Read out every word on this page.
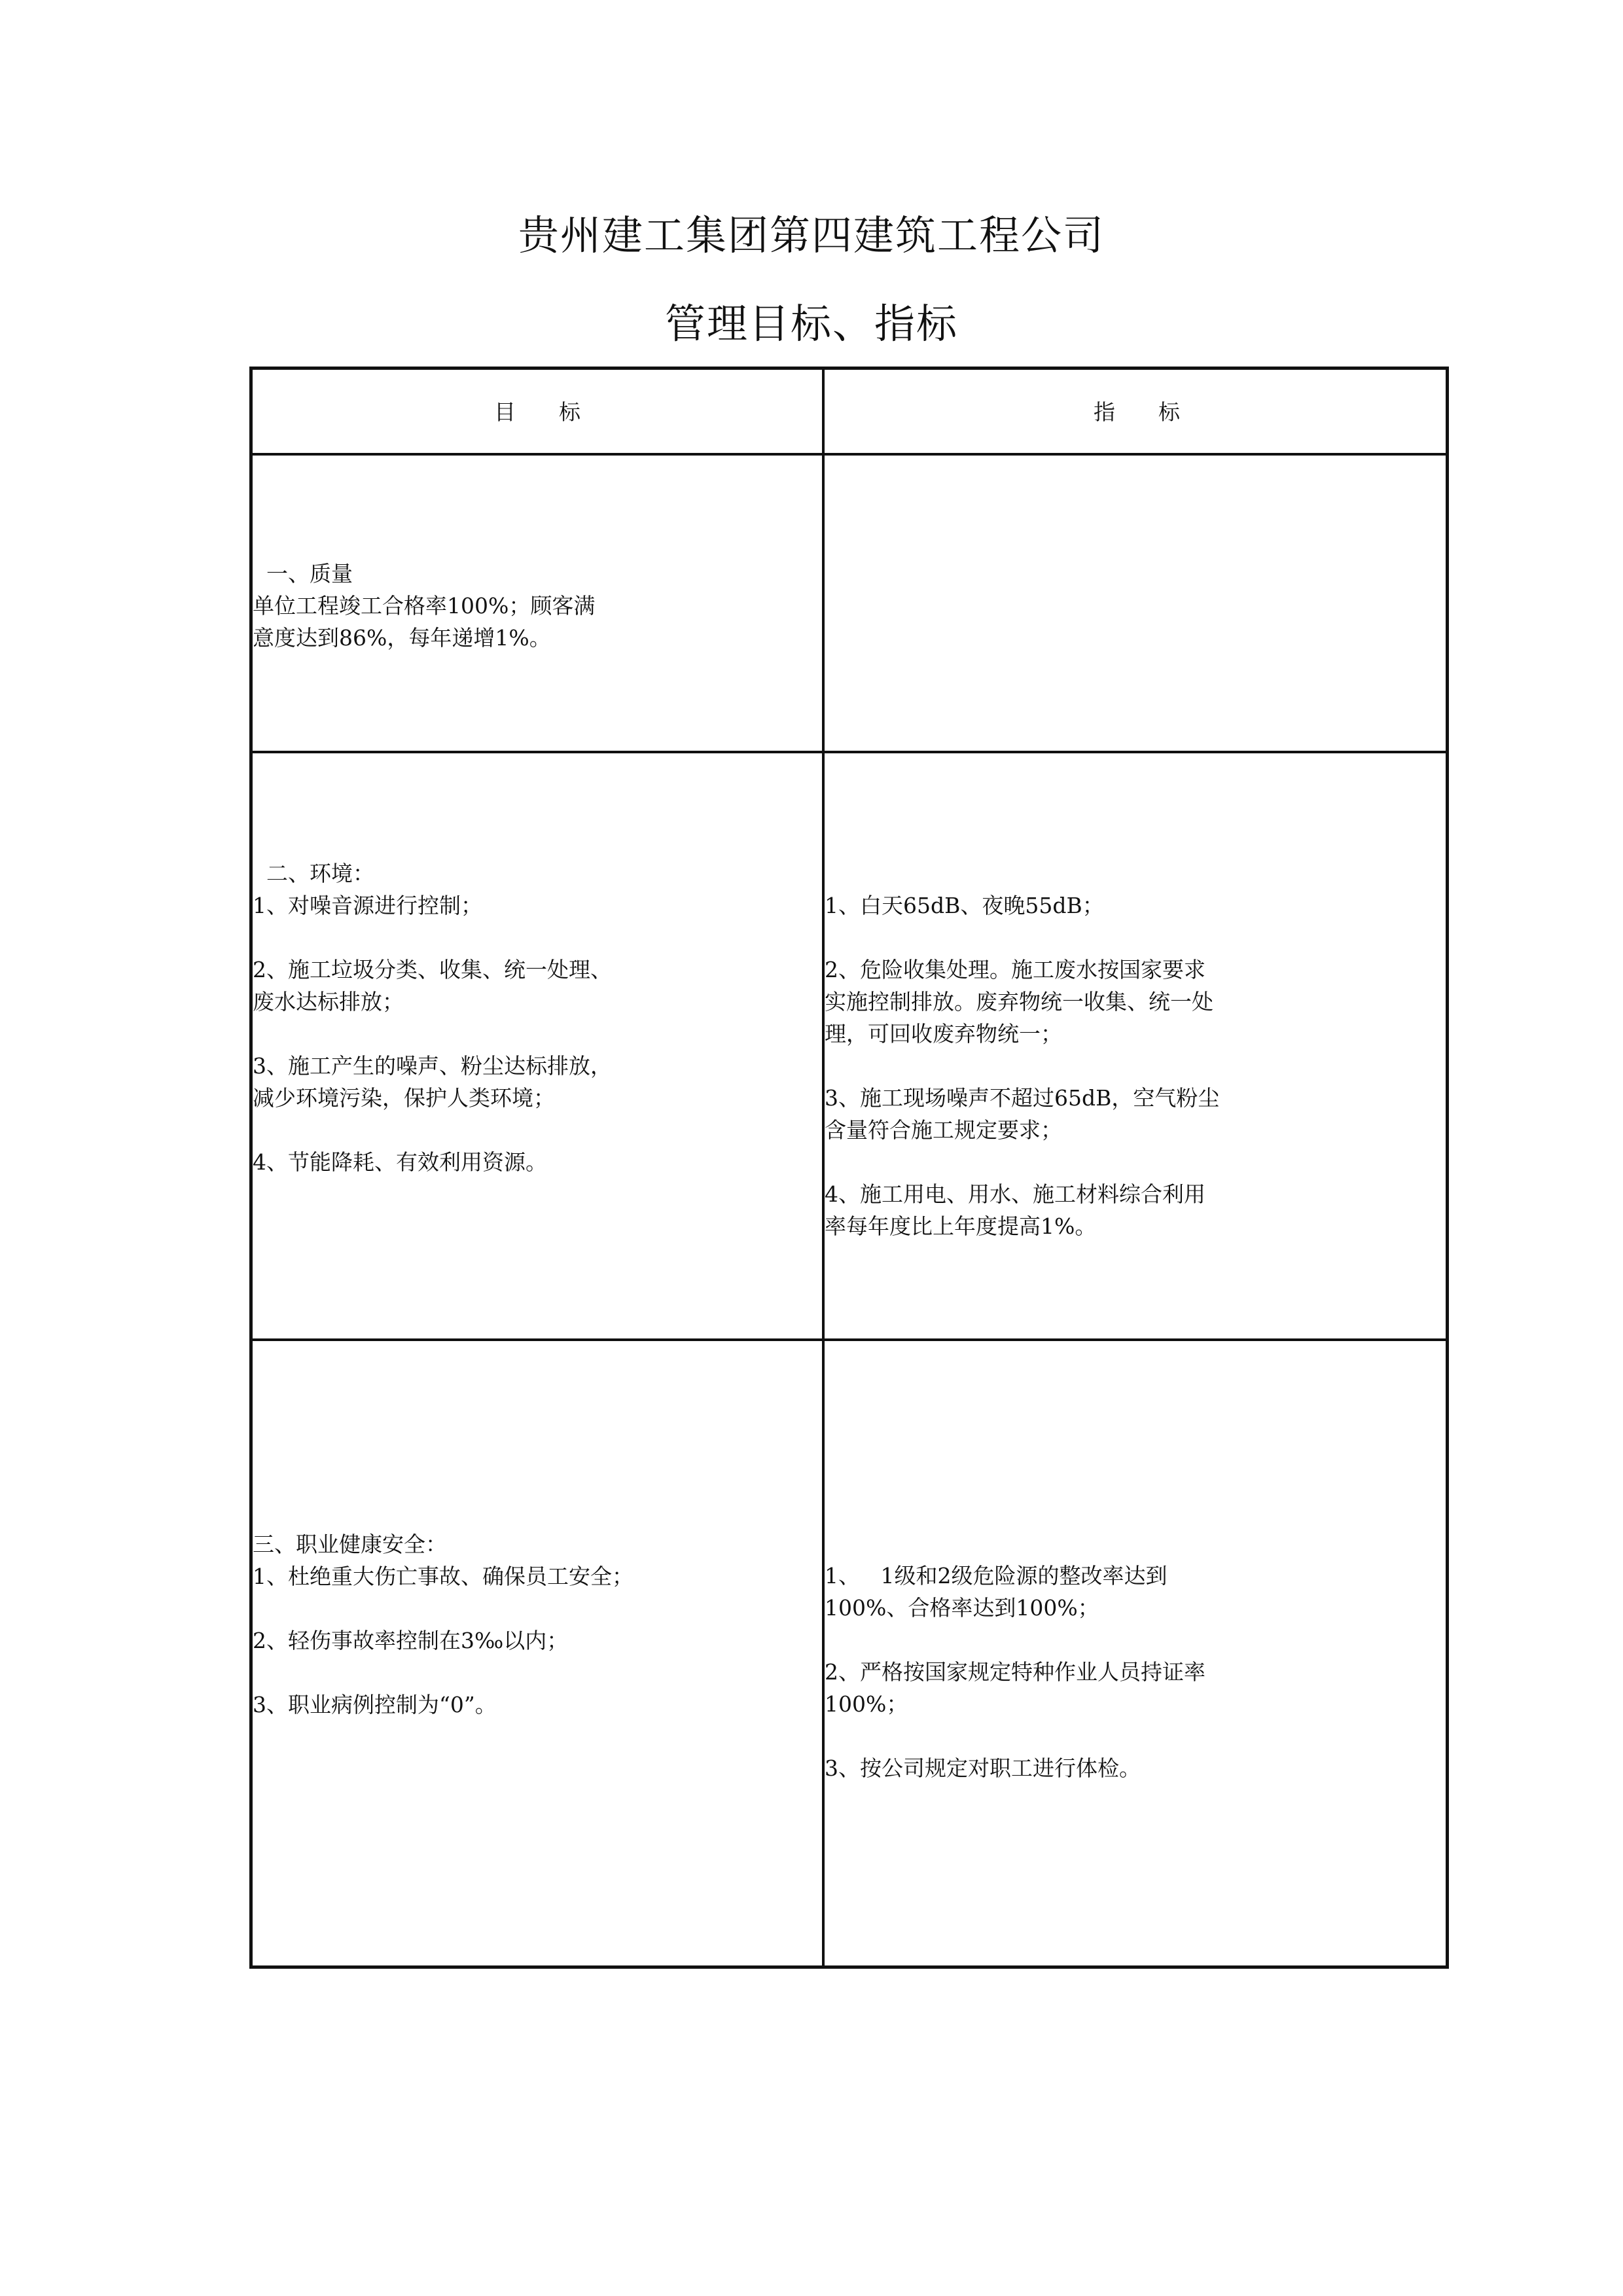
贵州建工集团第四建筑工程公司
管理目标、指标
目　　标	指　　标
一、质量
单位工程竣工合格率100%；顾客满
意度达到86%，每年递增1%。
二、环境：
1、对噪音源进行控制；

2、施工垃圾分类、收集、统一处理、
废水达标排放；

3、施工产生的噪声、粉尘达标排放，
减少环境污染，保护人类环境；

4、节能降耗、有效利用资源。
1、白天65dB、夜晚55dB；

2、危险收集处理。施工废水按国家要求
实施控制排放。废弃物统一收集、统一处
理，可回收废弃物统一；

3、施工现场噪声不超过65dB，空气粉尘
含量符合施工规定要求；

4、施工用电、用水、施工材料综合利用
率每年度比上年度提高1%。
三、职业健康安全：
1、杜绝重大伤亡事故、确保员工安全；

2、轻伤事故率控制在3‰以内；

3、职业病例控制为“0”。
1、   1级和2级危险源的整改率达到
100%、合格率达到100%；

2、严格按国家规定特种作业人员持证率
100%；

3、按公司规定对职工进行体检。
